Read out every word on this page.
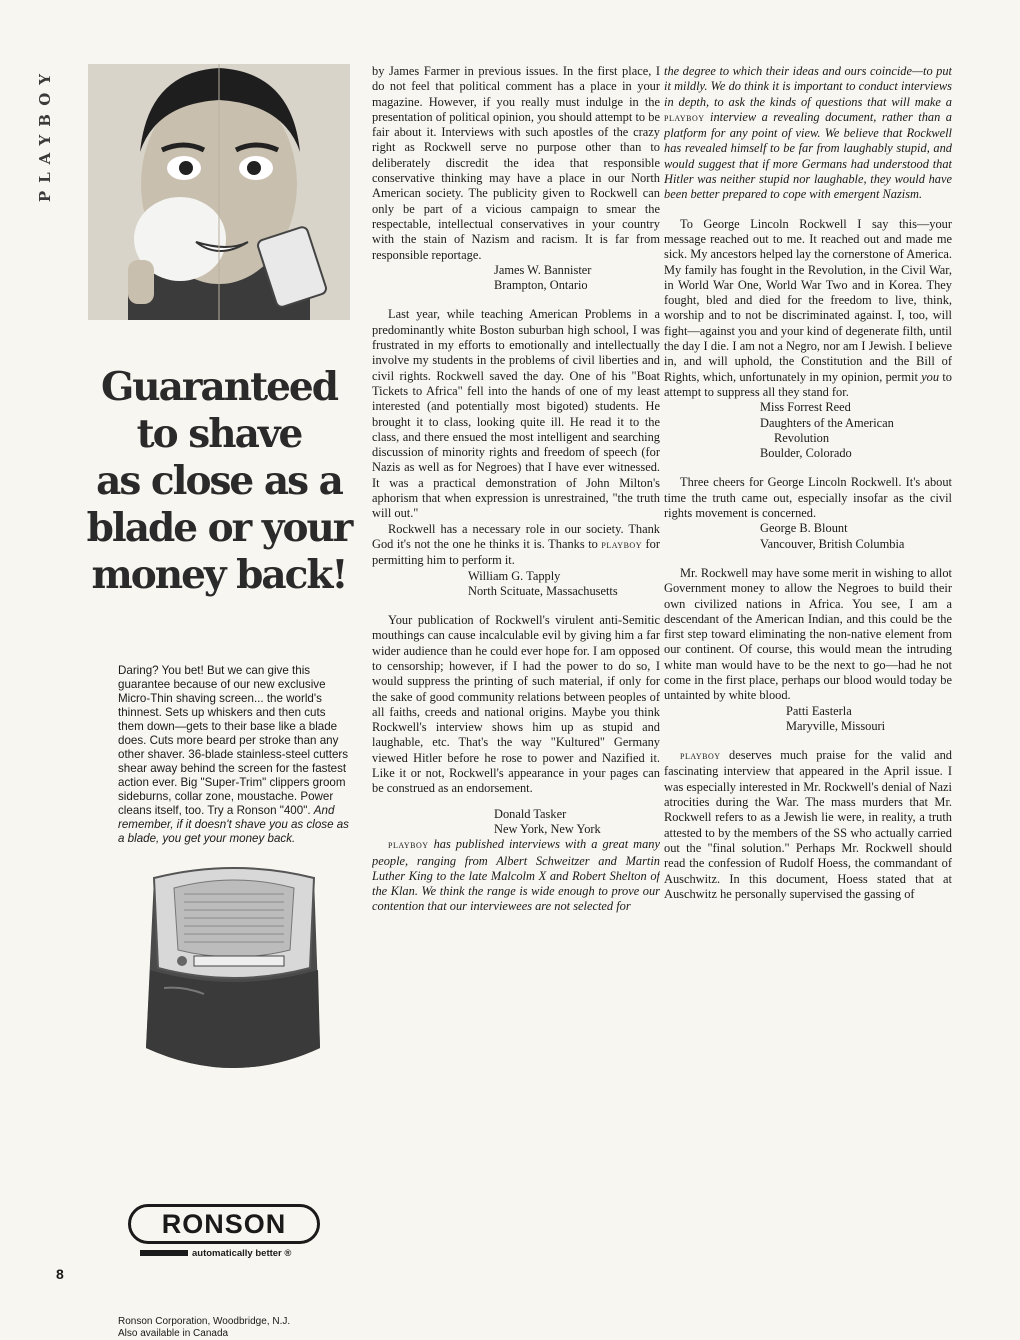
PLAYBOY
8
Guaranteed
to shave
as close as a
blade or your
money back!

Daring? You bet! But we can give this guarantee because of our new exclusive Micro-Thin shaving screen... the world's thinnest. Sets up whiskers and then cuts them down—gets to their base like a blade does. Cuts more beard per stroke than any other shaver. 36-blade stainless-steel cutters shear away behind the screen for the fastest action ever. Big "Super-Trim" clippers groom sideburns, collar zone, moustache. Power cleans itself, too. Try a Ronson "400". And remember, if it doesn't shave you as close as a blade, you get your money back.

RONSON
automatically better ®
Ronson Corporation, Woodbridge, N.J.
Also available in Canada

by James Farmer in previous issues. In the first place, I do not feel that political comment has a place in your magazine. However, if you really must indulge in the presentation of political opinion, you should attempt to be fair about it. Interviews with such apostles of the crazy right as Rockwell serve no purpose other than to deliberately discredit the idea that responsible conservative thinking may have a place in our North American society. The publicity given to Rockwell can only be part of a vicious campaign to smear the respectable, intellectual conservatives in your country with the stain of Nazism and racism. It is far from responsible reportage.

James W. Bannister

Brampton, Ontario

Last year, while teaching American Problems in a predominantly white Boston suburban high school, I was frustrated in my efforts to emotionally and intellectually involve my students in the problems of civil liberties and civil rights. Rockwell saved the day. One of his "Boat Tickets to Africa" fell into the hands of one of my least interested (and potentially most bigoted) students. He brought it to class, looking quite ill. He read it to the class, and there ensued the most intelligent and searching discussion of minority rights and freedom of speech (for Nazis as well as for Negroes) that I have ever witnessed. It was a practical demonstration of John Milton's aphorism that when expression is unrestrained, "the truth will out."

Rockwell has a necessary role in our society. Thank God it's not the one he thinks it is. Thanks to playboy for permitting him to perform it.

William G. Tapply

North Scituate, Massachusetts

Your publication of Rockwell's virulent anti-Semitic mouthings can cause incalculable evil by giving him a far wider audience than he could ever hope for. I am opposed to censorship; however, if I had the power to do so, I would suppress the printing of such material, if only for the sake of good community relations between peoples of all faiths, creeds and national origins. Maybe you think Rockwell's interview shows him up as stupid and laughable, etc. That's the way "Kultured" Germany viewed Hitler before he rose to power and Nazified it. Like it or not, Rockwell's appearance in your pages can be construed as an endorsement.

Donald Tasker

New York, New York

playboy has published interviews with a great many people, ranging from Albert Schweitzer and Martin Luther King to the late Malcolm X and Robert Shelton of the Klan. We think the range is wide enough to prove our contention that our interviewees are not selected for

the degree to which their ideas and ours coincide—to put it mildly. We do think it is important to conduct interviews in depth, to ask the kinds of questions that will make a playboy interview a revealing document, rather than a platform for any point of view. We believe that Rockwell has revealed himself to be far from laughably stupid, and would suggest that if more Germans had understood that Hitler was neither stupid nor laughable, they would have been better prepared to cope with emergent Nazism.

To George Lincoln Rockwell I say this—your message reached out to me. It reached out and made me sick. My ancestors helped lay the cornerstone of America. My family has fought in the Revolution, in the Civil War, in World War One, World War Two and in Korea. They fought, bled and died for the freedom to live, think, worship and to not be discriminated against. I, too, will fight—against you and your kind of degenerate filth, until the day I die. I am not a Negro, nor am I Jewish. I believe in, and will uphold, the Constitution and the Bill of Rights, which, unfortunately in my opinion, permit you to attempt to suppress all they stand for.

Miss Forrest Reed

Daughters of the American

Revolution

Boulder, Colorado

Three cheers for George Lincoln Rockwell. It's about time the truth came out, especially insofar as the civil rights movement is concerned.

George B. Blount

Vancouver, British Columbia

Mr. Rockwell may have some merit in wishing to allot Government money to allow the Negroes to build their own civilized nations in Africa. You see, I am a descendant of the American Indian, and this could be the first step toward eliminating the non-native element from our continent. Of course, this would mean the intruding white man would have to be the next to go—had he not come in the first place, perhaps our blood would today be untainted by white blood.

Patti Easterla

Maryville, Missouri

playboy deserves much praise for the valid and fascinating interview that appeared in the April issue. I was especially interested in Mr. Rockwell's denial of Nazi atrocities during the War. The mass murders that Mr. Rockwell refers to as a Jewish lie were, in reality, a truth attested to by the members of the SS who actually carried out the "final solution." Perhaps Mr. Rockwell should read the confession of Rudolf Hoess, the commandant of Auschwitz. In this document, Hoess stated that at Auschwitz he personally supervised the gassing of
